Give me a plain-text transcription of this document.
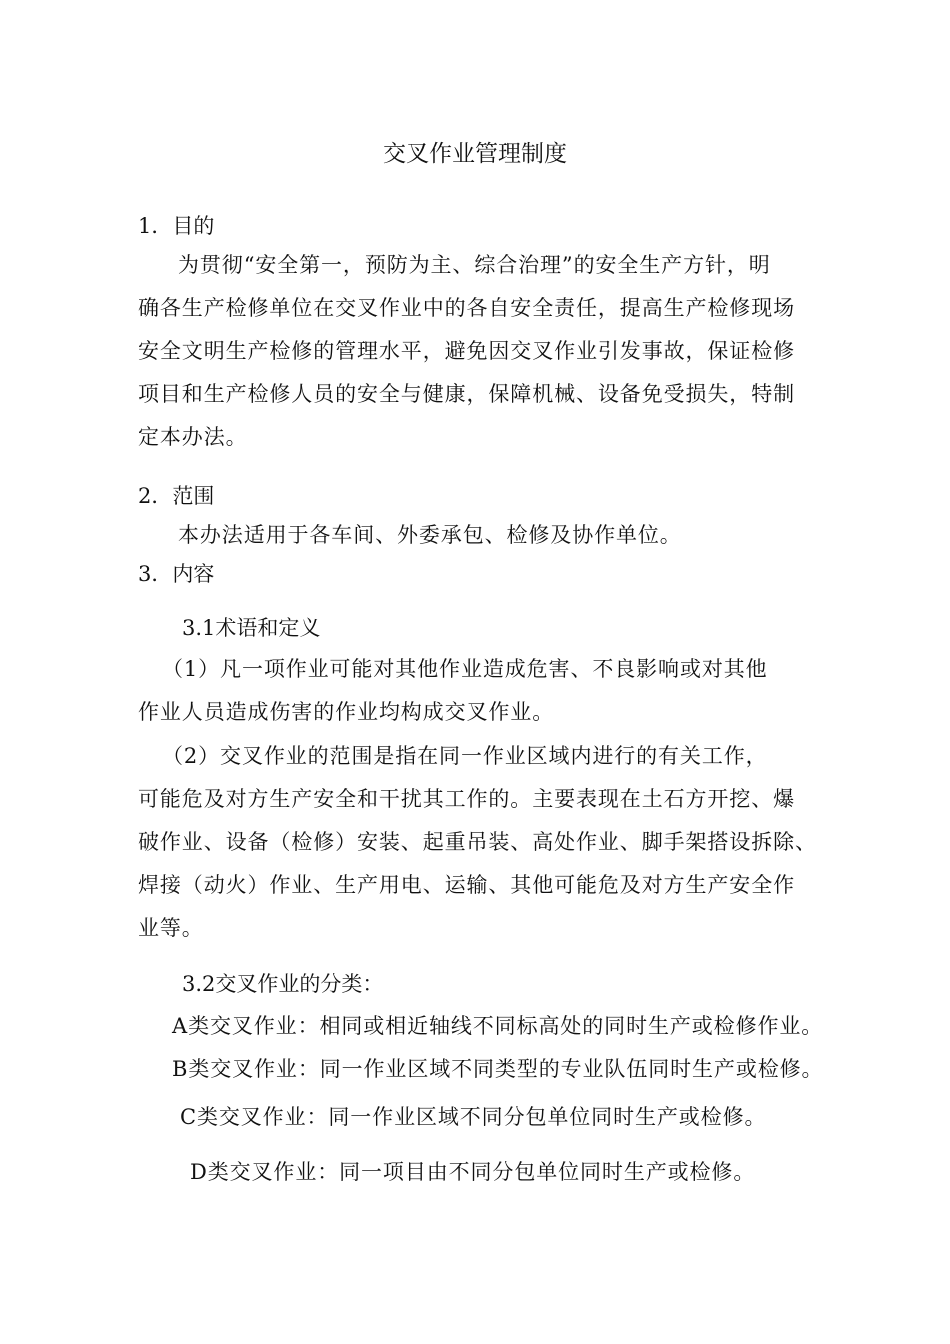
交叉作业管理制度
1．目的
为贯彻“安全第一，预防为主、综合治理”的安全生产方针，明
确各生产检修单位在交叉作业中的各自安全责任，提高生产检修现场
安全文明生产检修的管理水平，避免因交叉作业引发事故，保证检修
项目和生产检修人员的安全与健康，保障机械、设备免受损失，特制
定本办法。
2．范围
本办法适用于各车间、外委承包、检修及协作单位。
3．内容
3.1术语和定义
（1）凡一项作业可能对其他作业造成危害、不良影响或对其他
作业人员造成伤害的作业均构成交叉作业。
（2）交叉作业的范围是指在同一作业区域内进行的有关工作，
可能危及对方生产安全和干扰其工作的。主要表现在土石方开挖、爆
破作业、设备（检修）安装、起重吊装、高处作业、脚手架搭设拆除、
焊接（动火）作业、生产用电、运输、其他可能危及对方生产安全作
业等。
3.2交叉作业的分类：
A类交叉作业：相同或相近轴线不同标高处的同时生产或检修作业。
B类交叉作业：同一作业区域不同类型的专业队伍同时生产或检修。
C类交叉作业：同一作业区域不同分包单位同时生产或检修。
D类交叉作业：同一项目由不同分包单位同时生产或检修。
